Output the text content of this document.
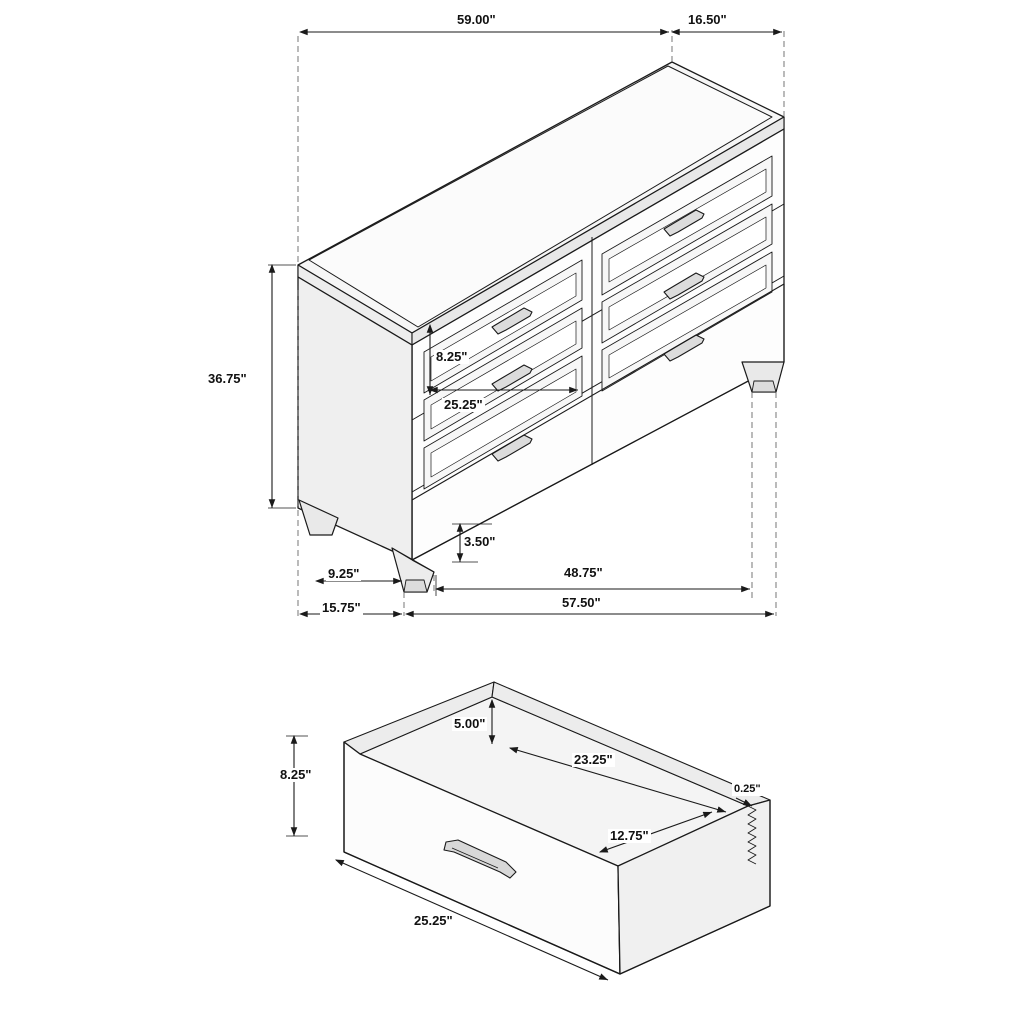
59.00"	16.50"
36.75"
8.25"
25.25"
3.50"
9.25"
15.75"
48.75"
57.50"
5.00"
23.25"
0.25"
8.25"
12.75"
25.25"
